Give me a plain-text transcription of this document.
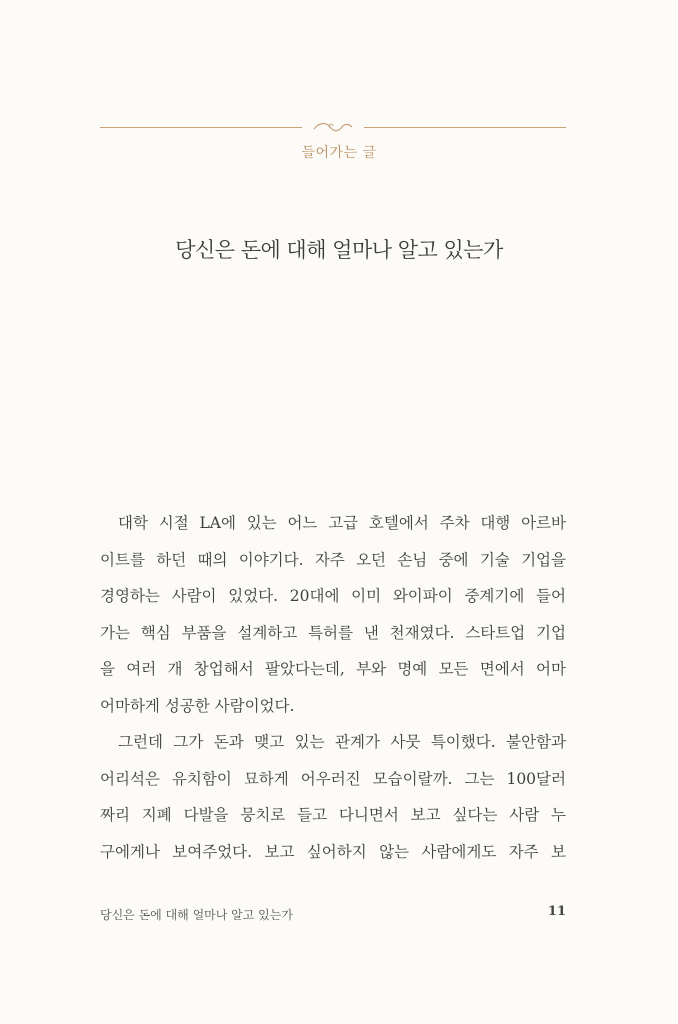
들어가는 글
당신은 돈에 대해 얼마나 알고 있는가
대학 시절 LA에 있는 어느 고급 호텔에서 주차 대행 아르바
이트를 하던 때의 이야기다. 자주 오던 손님 중에 기술 기업을
경영하는 사람이 있었다. 20대에 이미 와이파이 중계기에 들어
가는 핵심 부품을 설계하고 특허를 낸 천재였다. 스타트업 기업
을 여러 개 창업해서 팔았다는데, 부와 명예 모든 면에서 어마
어마하게 성공한 사람이었다.
그런데 그가 돈과 맺고 있는 관계가 사뭇 특이했다. 불안함과
어리석은 유치함이 묘하게 어우러진 모습이랄까. 그는 100달러
짜리 지폐 다발을 뭉치로 들고 다니면서 보고 싶다는 사람 누
구에게나 보여주었다. 보고 싶어하지 않는 사람에게도 자주 보
당신은 돈에 대해 얼마나 알고 있는가	11
